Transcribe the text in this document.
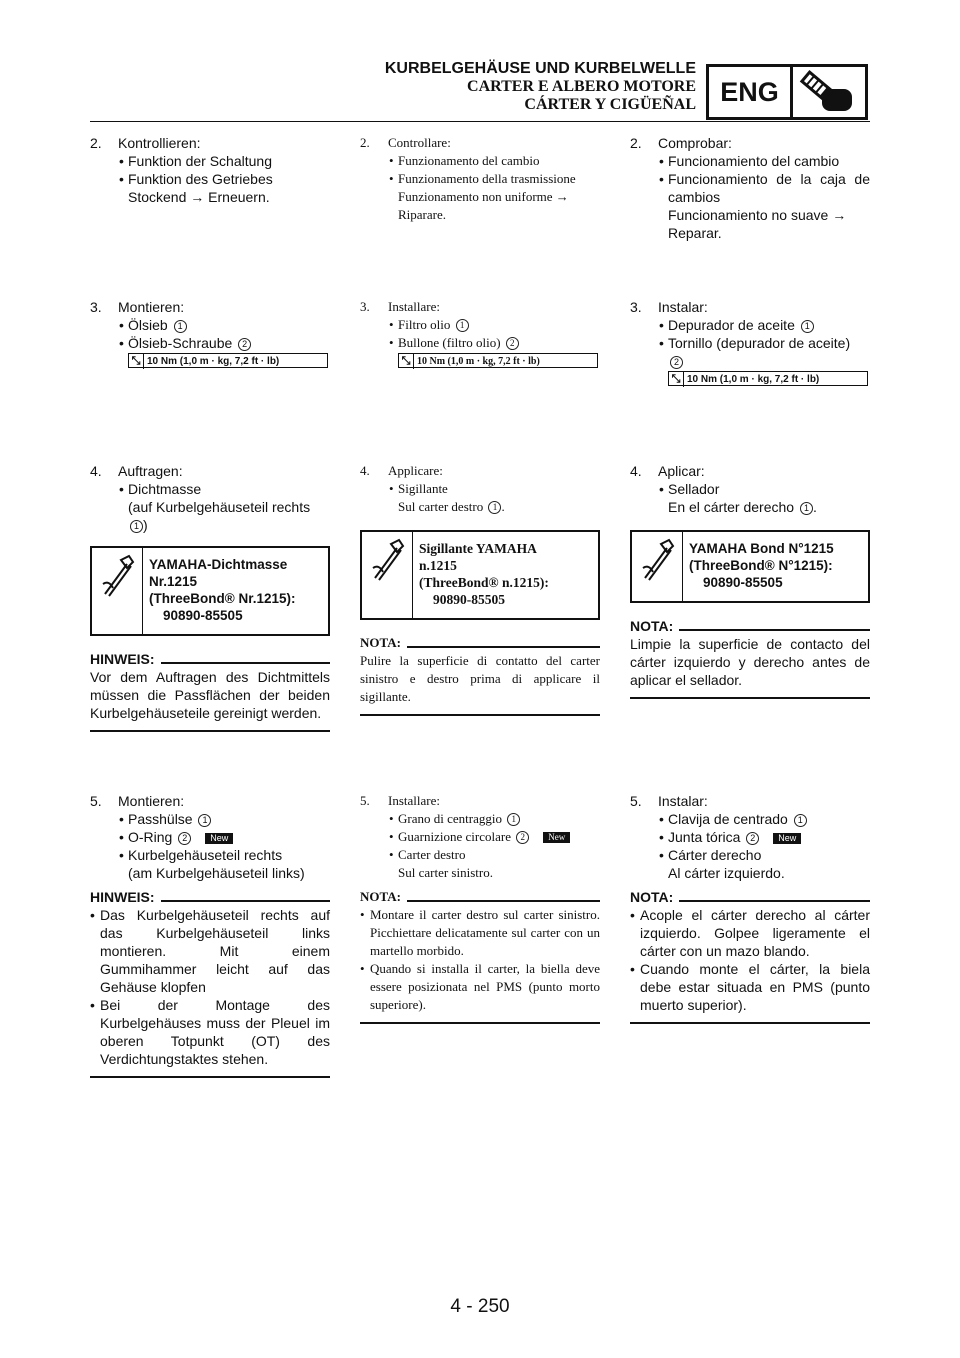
KURBELGEHÄUSE UND KURBELWELLE
CARTER E ALBERO MOTORE
CÁRTER Y CIGÜEÑAL ENG
2. Kontrollieren:
• Funktion der Schaltung
• Funktion des Getriebes
Stockend → Erneuern.
3. Montieren:
• Ölsieb 1
• Ölsieb-Schraube 2
⤡ 10 Nm (1,0 m · kg, 7,2 ft · lb)
4. Auftragen:
• Dichtmasse
(auf Kurbelgehäuseteil rechts
1 )
YAMAHA-Dichtmasse
Nr.1215
(ThreeBond® Nr.1215):
90890-85505
HINWEIS:
Vor dem Auftragen des Dichtmittels müssen die Passflächen der beiden Kurbelgehäuseteile gereinigt werden.
5. Montieren:
• Passhülse 1
• O-Ring 2	New
• Kurbelgehäuseteil rechts
(am Kurbelgehäuseteil links)
HINWEIS:
• Das Kurbelgehäuseteil rechts auf das Kurbelgehäuseteil links montieren. Mit einem Gummihammer leicht auf das Gehäuse klopfen
• Bei der Montage des Kurbelgehäuses muss der Pleuel im oberen Totpunkt (OT) des Verdichtungstaktes stehen.
2. Controllare:
• Funzionamento del cambio
• Funzionamento della trasmissione
Funzionamento non uniforme → Riparare.
3. Installare:
• Filtro olio 1
• Bullone (filtro olio) 2
⤡ 10 Nm (1,0 m · kg, 7,2 ft · lb)
4. Applicare:
• Sigillante
Sul carter destro 1 .
Sigillante YAMAHA
n.1215
(ThreeBond® n.1215):
90890-85505
NOTA:
Pulire la superficie di contatto del carter sinistro e destro prima di applicare il sigillante.
5. Installare:
• Grano di centraggio 1
• Guarnizione circolare 2	New
• Carter destro
Sul carter sinistro.
NOTA:
• Montare il carter destro sul carter sinistro. Picchiettare delicatamente sul carter con un martello morbido.
• Quando si installa il carter, la biella deve essere posizionata nel PMS (punto morto superiore).
2. Comprobar:
• Funcionamiento del cambio
• Funcionamiento de la caja de cambios
Funcionamiento no suave → Reparar.
3. Instalar:
• Depurador de aceite 1
• Tornillo (depurador de aceite)
2
⤡ 10 Nm (1,0 m · kg, 7,2 ft · lb)
4. Aplicar:
• Sellador
En el cárter derecho 1 .
YAMAHA Bond N°1215
(ThreeBond® N°1215):
90890-85505
NOTA:
Limpie la superficie de contacto del cárter izquierdo y derecho antes de aplicar el sellador.
5. Instalar:
• Clavija de centrado 1
• Junta tórica 2	New
• Cárter derecho
Al cárter izquierdo.
NOTA:
• Acople el cárter derecho al cárter izquierdo. Golpee ligeramente el cárter con un mazo blando.
• Cuando monte el cárter, la biela debe estar situada en PMS (punto muerto superior).
4 - 250
